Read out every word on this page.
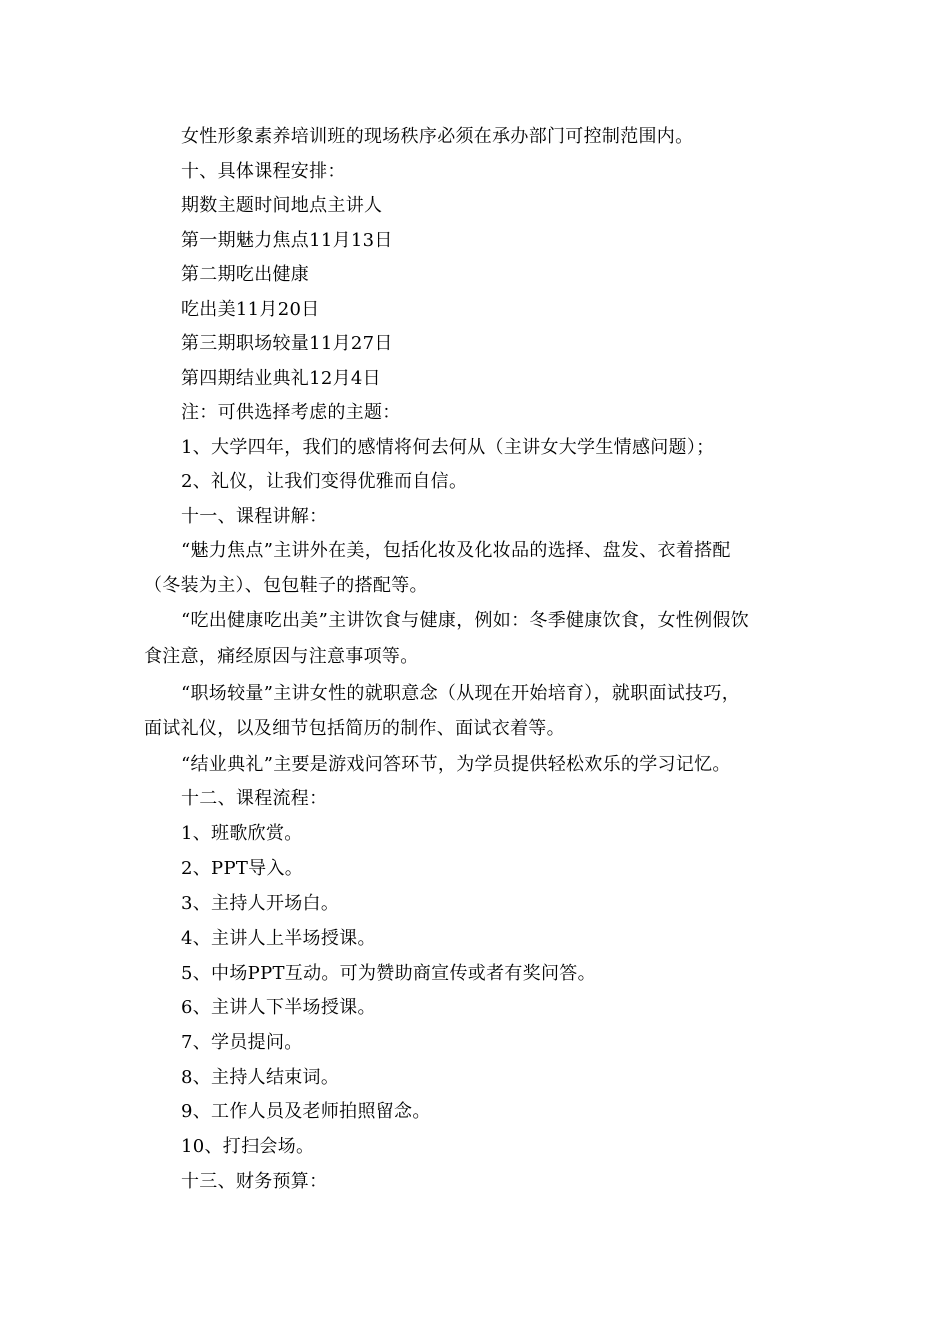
女性形象素养培训班的现场秩序必须在承办部门可控制范围内。
十、具体课程安排：
期数主题时间地点主讲人
第一期魅力焦点11月13日
第二期吃出健康
吃出美11月20日
第三期职场较量11月27日
第四期结业典礼12月4日
注：可供选择考虑的主题：
1、大学四年，我们的感情将何去何从（主讲女大学生情感问题）；
2、礼仪，让我们变得优雅而自信。
十一、课程讲解：
“魅力焦点”主讲外在美，包括化妆及化妆品的选择、盘发、衣着搭配
（冬装为主）、包包鞋子的搭配等。
“吃出健康吃出美”主讲饮食与健康，例如：冬季健康饮食，女性例假饮
食注意，痛经原因与注意事项等。
“职场较量”主讲女性的就职意念（从现在开始培育），就职面试技巧，
面试礼仪，以及细节包括简历的制作、面试衣着等。
“结业典礼”主要是游戏问答环节，为学员提供轻松欢乐的学习记忆。
十二、课程流程：
1、班歌欣赏。
2、PPT导入。
3、主持人开场白。
4、主讲人上半场授课。
5、中场PPT互动。可为赞助商宣传或者有奖问答。
6、主讲人下半场授课。
7、学员提问。
8、主持人结束词。
9、工作人员及老师拍照留念。
10、打扫会场。
十三、财务预算：
